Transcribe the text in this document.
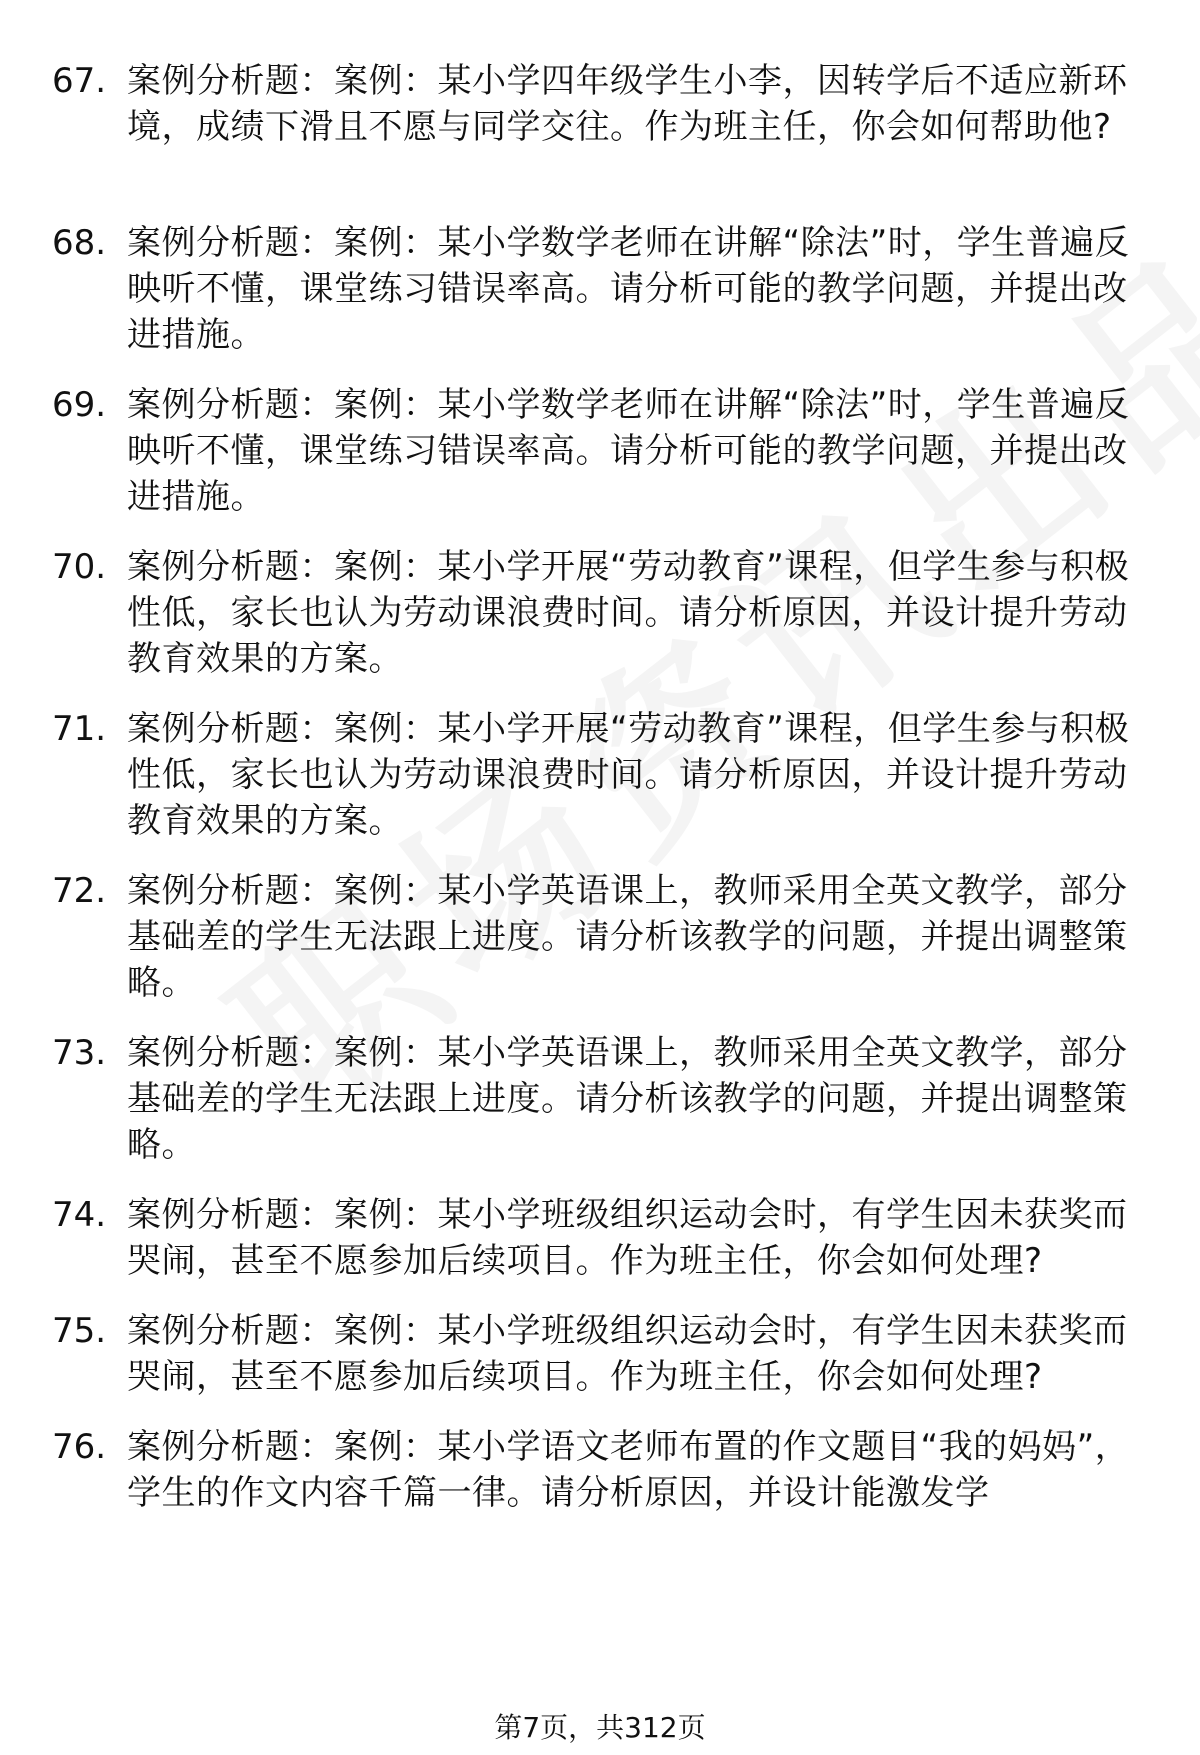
67. 案例分析题：案例：某小学四年级学生小李，因转学后不适应新环境，成绩下滑且不愿与同学交往。作为班主任，你会如何帮助他?
68. 案例分析题：案例：某小学数学老师在讲解“除法”时，学生普遍反映听不懂，课堂练习错误率高。请分析可能的教学问题，并提出改进措施。
69. 案例分析题：案例：某小学数学老师在讲解“除法”时，学生普遍反映听不懂，课堂练习错误率高。请分析可能的教学问题，并提出改进措施。
70. 案例分析题：案例：某小学开展“劳动教育”课程，但学生参与积极性低，家长也认为劳动课浪费时间。请分析原因，并设计提升劳动教育效果的方案。
71. 案例分析题：案例：某小学开展“劳动教育”课程，但学生参与积极性低，家长也认为劳动课浪费时间。请分析原因，并设计提升劳动教育效果的方案。
72. 案例分析题：案例：某小学英语课上，教师采用全英文教学，部分基础差的学生无法跟上进度。请分析该教学的问题，并提出调整策略。
73. 案例分析题：案例：某小学英语课上，教师采用全英文教学，部分基础差的学生无法跟上进度。请分析该教学的问题，并提出调整策略。
74. 案例分析题：案例：某小学班级组织运动会时，有学生因未获奖而哭闹，甚至不愿参加后续项目。作为班主任，你会如何处理?
75. 案例分析题：案例：某小学班级组织运动会时，有学生因未获奖而哭闹，甚至不愿参加后续项目。作为班主任，你会如何处理?
76. 案例分析题：案例：某小学语文老师布置的作文题目“我的妈妈”，学生的作文内容千篇一律。请分析原因，并设计能激发学
第7页，共312页
